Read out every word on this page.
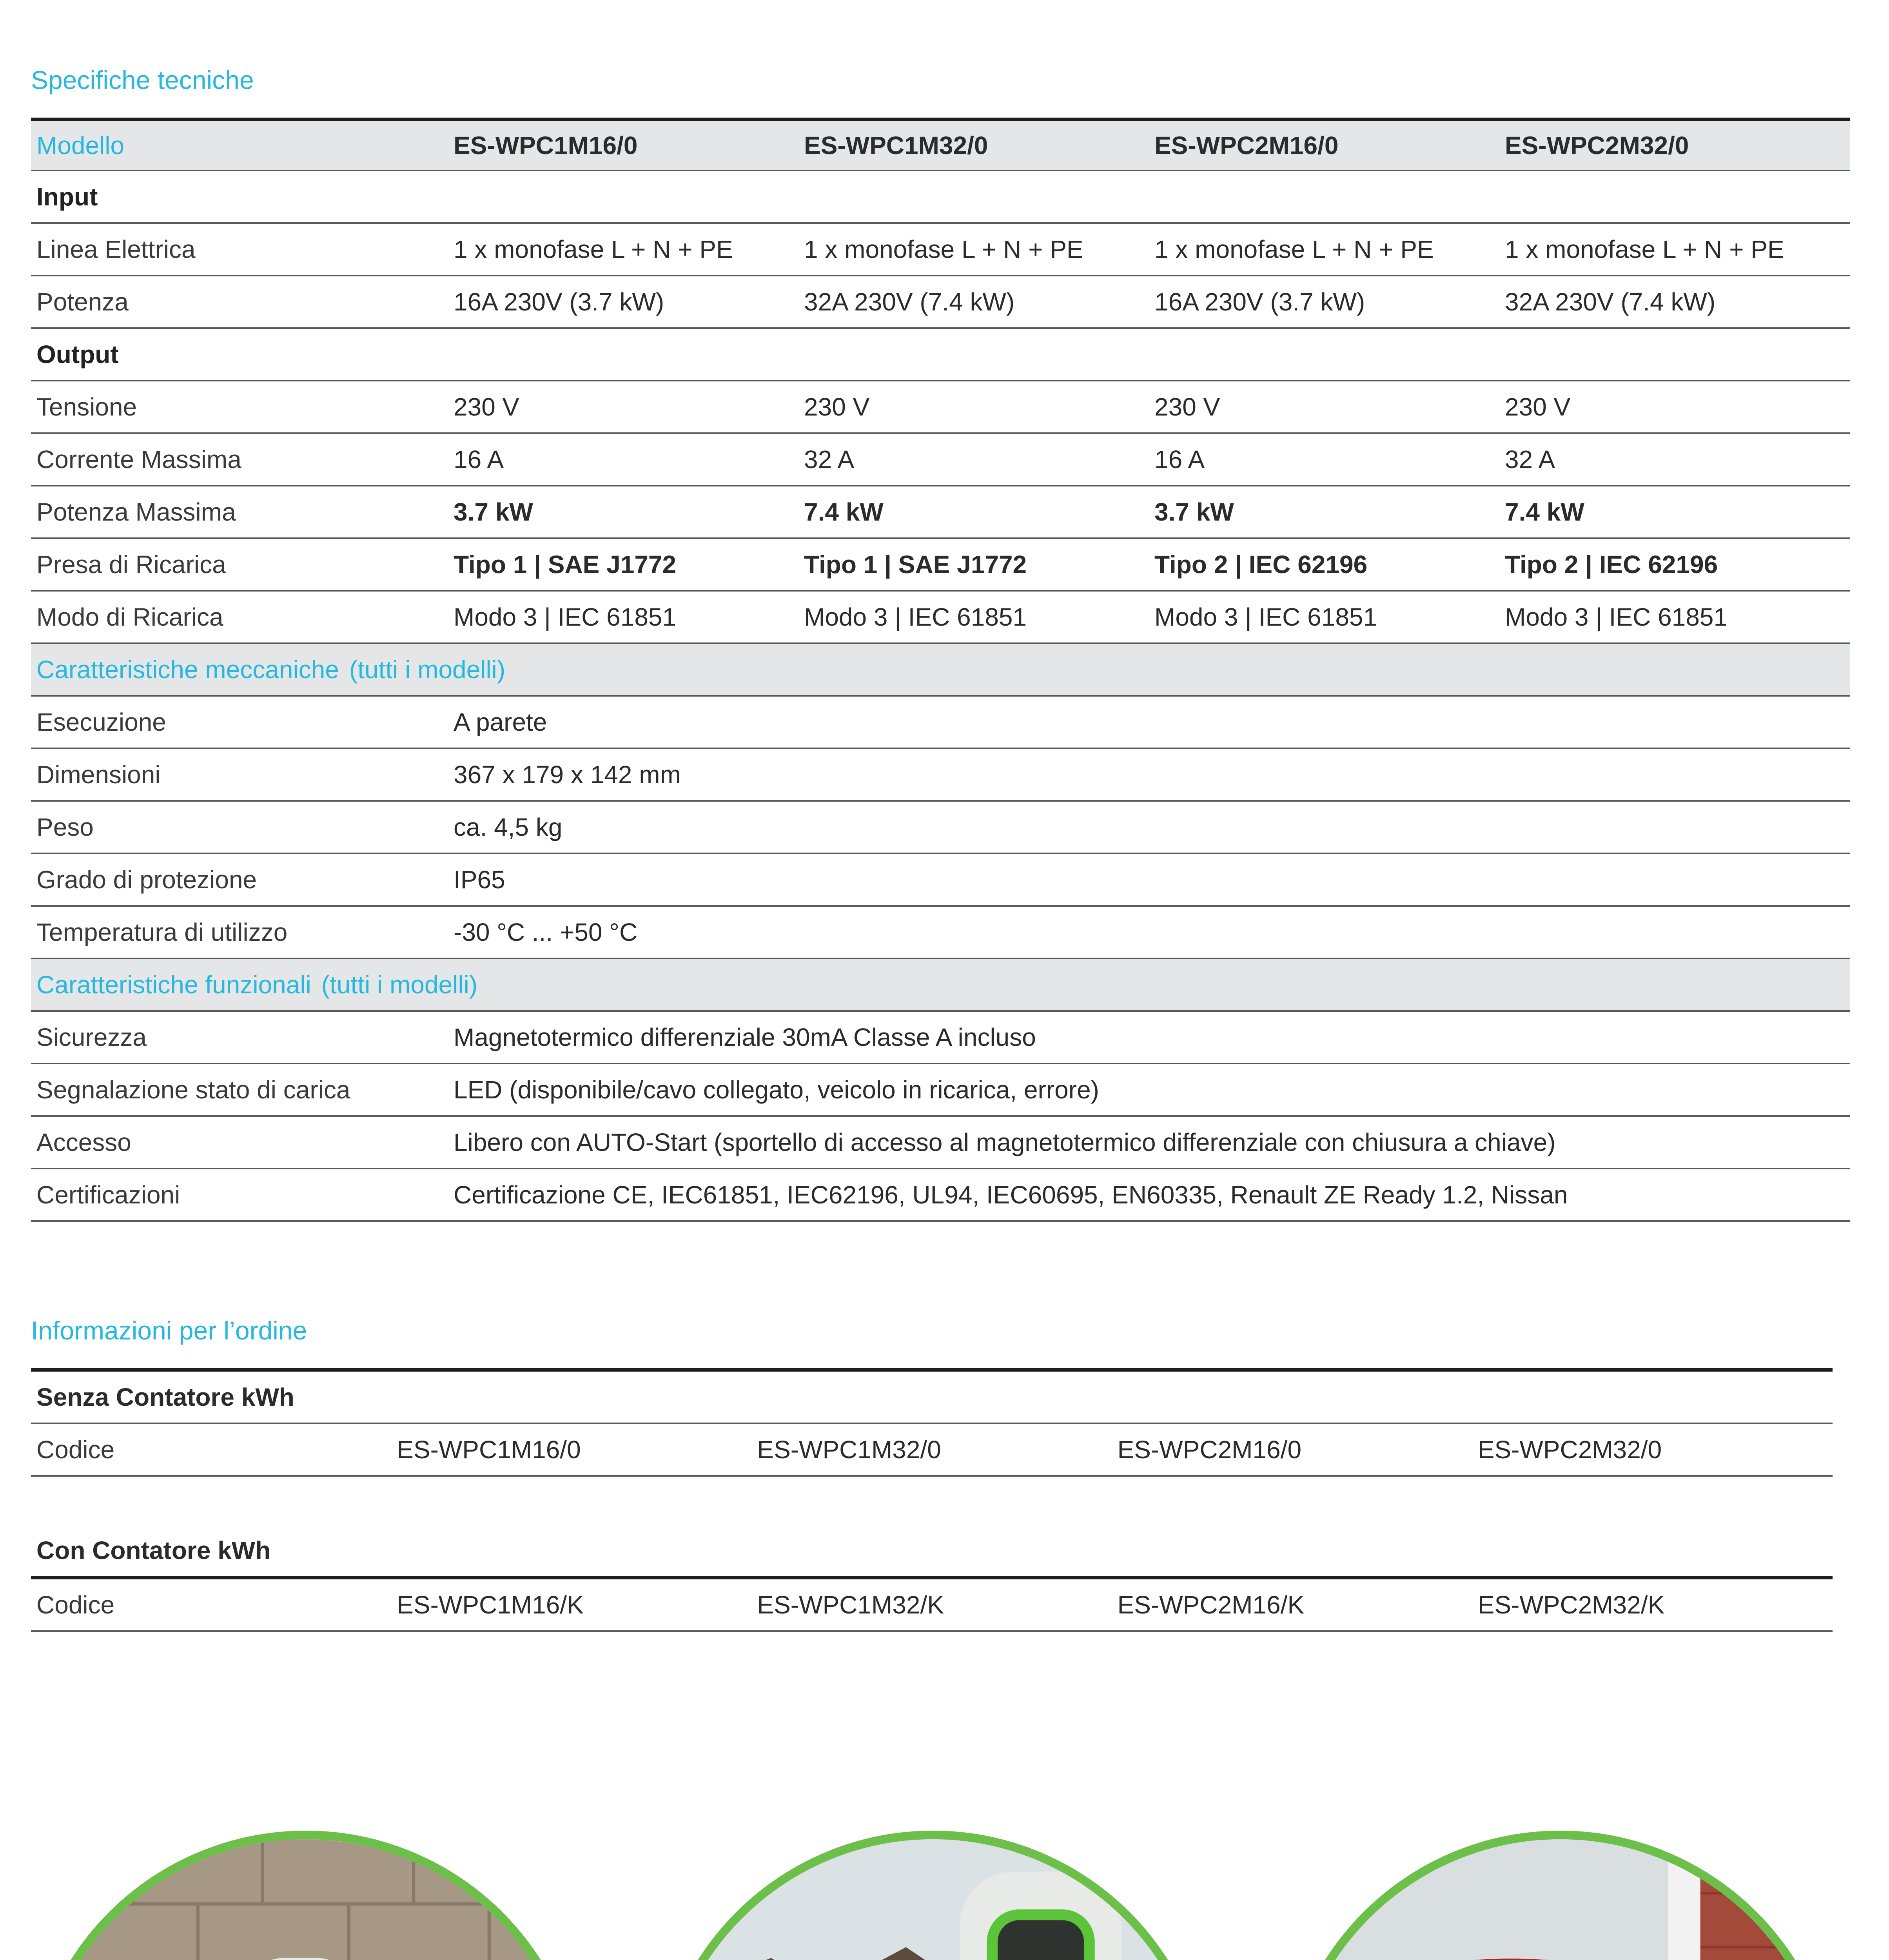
Specifiche tecniche
Modello	ES-WPC1M16/0	ES-WPC1M32/0	ES-WPC2M16/0	ES-WPC2M32/0
Input				
Linea Elettrica	1 x monofase L + N + PE	1 x monofase L + N + PE	1 x monofase L + N + PE	1 x monofase L + N + PE
Potenza	16A 230V (3.7 kW)	32A 230V (7.4 kW)	16A 230V (3.7 kW)	32A 230V (7.4 kW)
Output				
Tensione	230 V	230 V	230 V	230 V
Corrente Massima	16 A	32 A	16 A	32 A
Potenza Massima	3.7 kW	7.4 kW	3.7 kW	7.4 kW
Presa di Ricarica	Tipo 1 | SAE J1772	Tipo 1 | SAE J1772	Tipo 2 | IEC 62196	Tipo 2 | IEC 62196
Modo di Ricarica	Modo 3 | IEC 61851	Modo 3 | IEC 61851	Modo 3 | IEC 61851	Modo 3 | IEC 61851
Caratteristiche meccaniche (tutti i modelli)				
Esecuzione	A parete			
Dimensioni	367 x 179 x 142 mm			
Peso	ca. 4,5 kg			
Grado di protezione	IP65			
Temperatura di utilizzo	-30 °C ... +50 °C			
Caratteristiche funzionali (tutti i modelli)				
Sicurezza	Magnetotermico differenziale 30mA Classe A incluso			
Segnalazione stato di carica	LED (disponibile/cavo collegato, veicolo in ricarica, errore)			
Accesso	Libero con AUTO-Start (sportello di accesso al magnetotermico differenziale con chiusura a chiave)			
Certificazioni	Certificazione CE, IEC61851, IEC62196, UL94, IEC60695, EN60335, Renault ZE Ready 1.2, Nissan			
Informazioni per l’ordine
Senza Contatore kWh
Codice	ES-WPC1M16/0	ES-WPC1M32/0	ES-WPC2M16/0	ES-WPC2M32/0
Con Contatore kWh
Codice	ES-WPC1M16/K	ES-WPC1M32/K	ES-WPC2M16/K	ES-WPC2M32/K
